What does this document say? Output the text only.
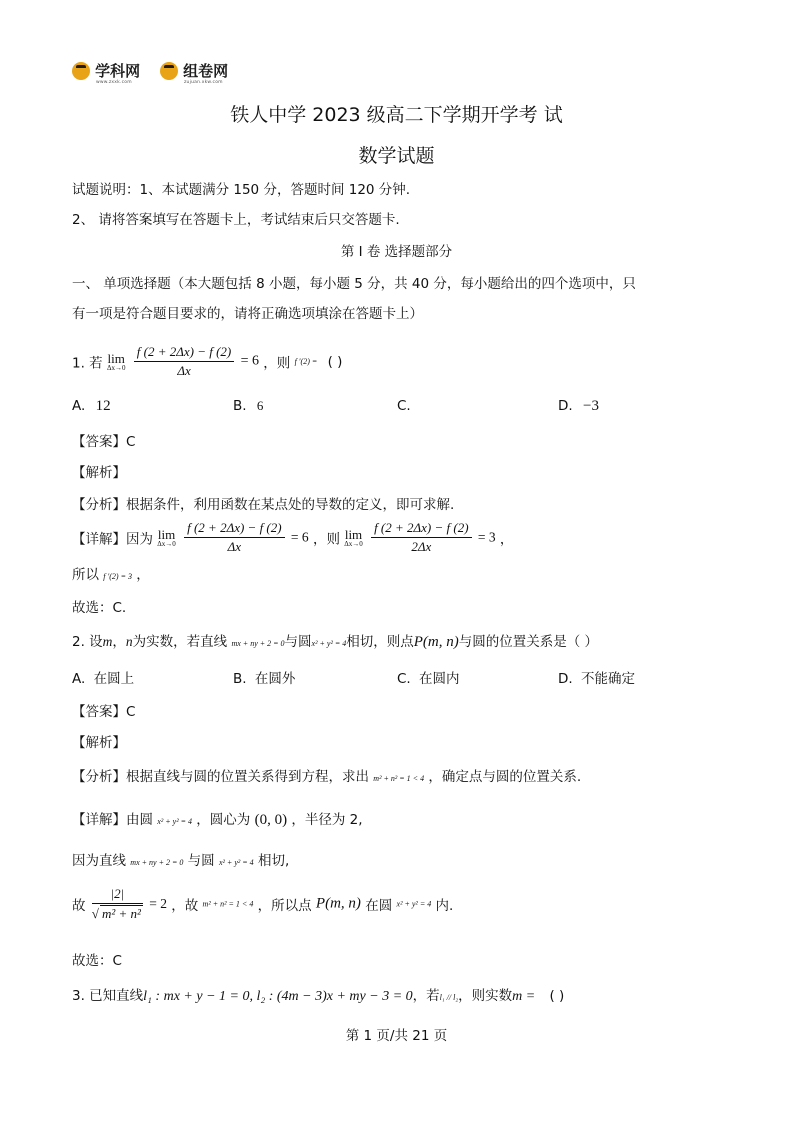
学科网
www.zxxk.com
组卷网
zujuan.xkw.com
铁人中学 2023 级高二下学期开学考 试
数学试题
试题说明：1、本试题满分 150 分，答题时间 120 分钟.
2、 请将答案填写在答题卡上，考试结束后只交答题卡.
第 I 卷 选择题部分
一、 单项选择题（本大题包括 8 小题，每小题 5 分，共 40 分，每小题给出的四个选项中，只
有一项是符合题目要求的，请将正确选项填涂在答题卡上）
1. 若 lim
Δx→0
$\frac{f (2 + 2\Delta x) - f (2)}{\Delta x} = 6$ ，则 f ′(2) = ( )
A. 12	B. 6	C.	D. −3
【答案】C
【解析】
【分析】根据条件，利用函数在某点处的导数的定义，即可求解.
【详解】因为 lim
Δx→0
$\frac{f (2 + 2\Delta x) - f (2)}{\Delta x} = 6$ ，则 lim
Δx→0
$\frac{f (2 + 2\Delta x) - f (2)}{2\Delta x} = 3$ ，
所以 f ′(2) = 3 ，
故选：C.
2. 设m，n为实数，若直线 mx + ny + 2 = 0与圆x² + y² = 4相切，则点P(m, n)与圆的位置关系是（ ）
A. 在圆上	B. 在圆外	C. 在圆内	D. 不能确定
【答案】C
【解析】
【分析】根据直线与圆的位置关系得到方程，求出 m² + n² = 1 < 4 ，确定点与圆的位置关系.
【详解】由圆 x² + y² = 4 ，圆心为 (0, 0) ，半径为 2,
因为直线 mx + ny + 2 = 0 与圆 x² + y² = 4 相切,
故 $\frac{|2|}{\text{√ m² + n²}} = 2$ ，故 m² + n² = 1 < 4 ，所以点 P(m, n) 在圆 x² + y² = 4 内.
故选：C
3. 已知直线l₁ : mx + y − 1 = 0, l₂ : (4m − 3)x + my − 3 = 0，若l₁ // l₂，则实数m = ( )
第 1 页/共 21 页
